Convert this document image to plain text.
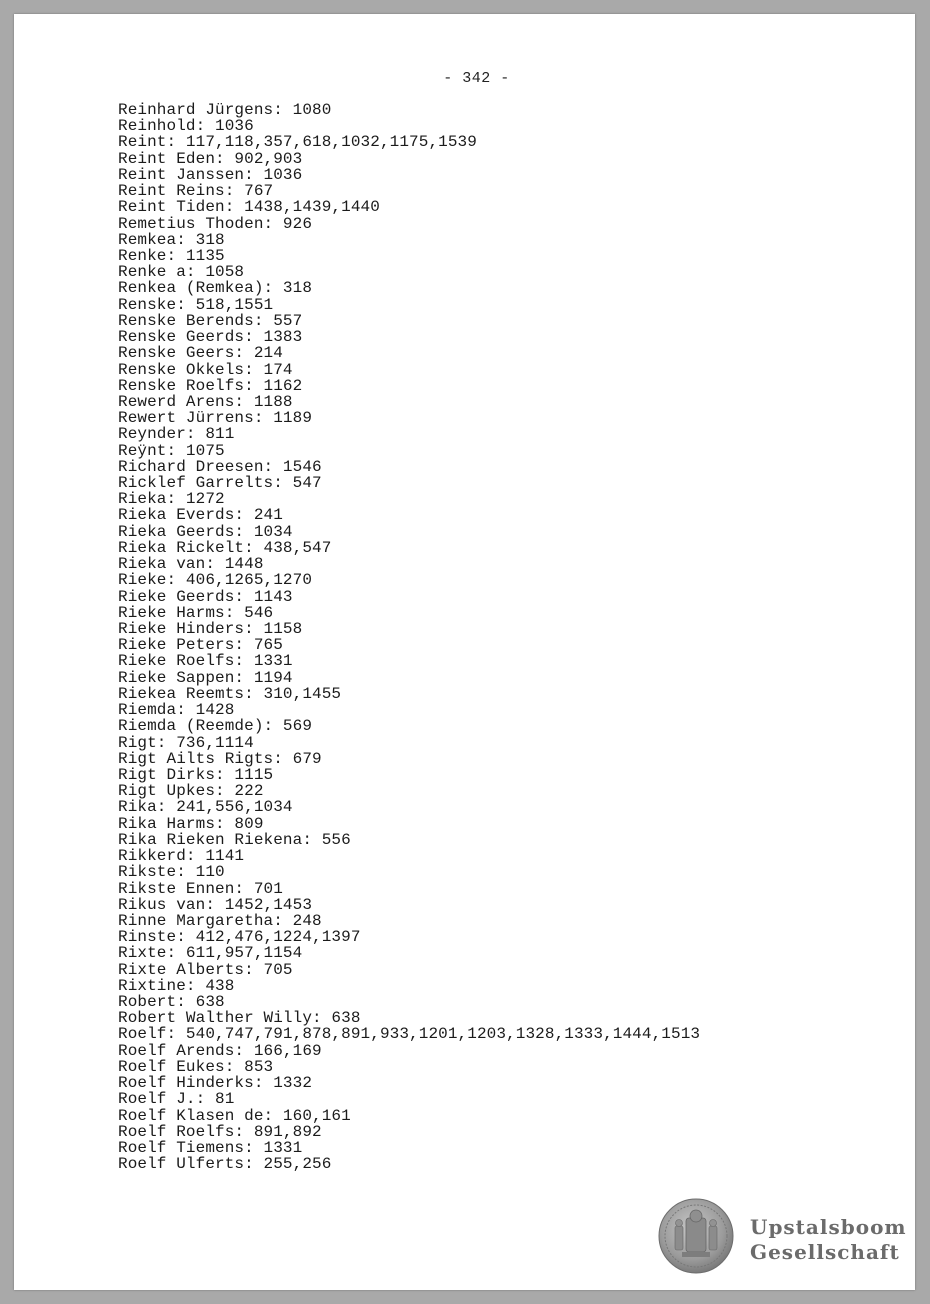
- 342 -
Reinhard Jürgens: 1080
Reinhold: 1036
Reint: 117,118,357,618,1032,1175,1539
Reint Eden: 902,903
Reint Janssen: 1036
Reint Reins: 767
Reint Tiden: 1438,1439,1440
Remetius Thoden: 926
Remkea: 318
Renke: 1135
Renke a: 1058
Renkea (Remkea): 318
Renske: 518,1551
Renske Berends: 557
Renske Geerds: 1383
Renske Geers: 214
Renske Okkels: 174
Renske Roelfs: 1162
Rewerd Arens: 1188
Rewert Jürrens: 1189
Reynder: 811
Reÿnt: 1075
Richard Dreesen: 1546
Ricklef Garrelts: 547
Rieka: 1272
Rieka Everds: 241
Rieka Geerds: 1034
Rieka Rickelt: 438,547
Rieka van: 1448
Rieke: 406,1265,1270
Rieke Geerds: 1143
Rieke Harms: 546
Rieke Hinders: 1158
Rieke Peters: 765
Rieke Roelfs: 1331
Rieke Sappen: 1194
Riekea Reemts: 310,1455
Riemda: 1428
Riemda (Reemde): 569
Rigt: 736,1114
Rigt Ailts Rigts: 679
Rigt Dirks: 1115
Rigt Upkes: 222
Rika: 241,556,1034
Rika Harms: 809
Rika Rieken Riekena: 556
Rikkerd: 1141
Rikste: 110
Rikste Ennen: 701
Rikus van: 1452,1453
Rinne Margaretha: 248
Rinste: 412,476,1224,1397
Rixte: 611,957,1154
Rixte Alberts: 705
Rixtine: 438
Robert: 638
Robert Walther Willy: 638
Roelf: 540,747,791,878,891,933,1201,1203,1328,1333,1444,1513
Roelf Arends: 166,169
Roelf Eukes: 853
Roelf Hinderks: 1332
Roelf J.: 81
Roelf Klasen de: 160,161
Roelf Roelfs: 891,892
Roelf Tiemens: 1331
Roelf Ulferts: 255,256
Upstalsboom
Gesellschaft
